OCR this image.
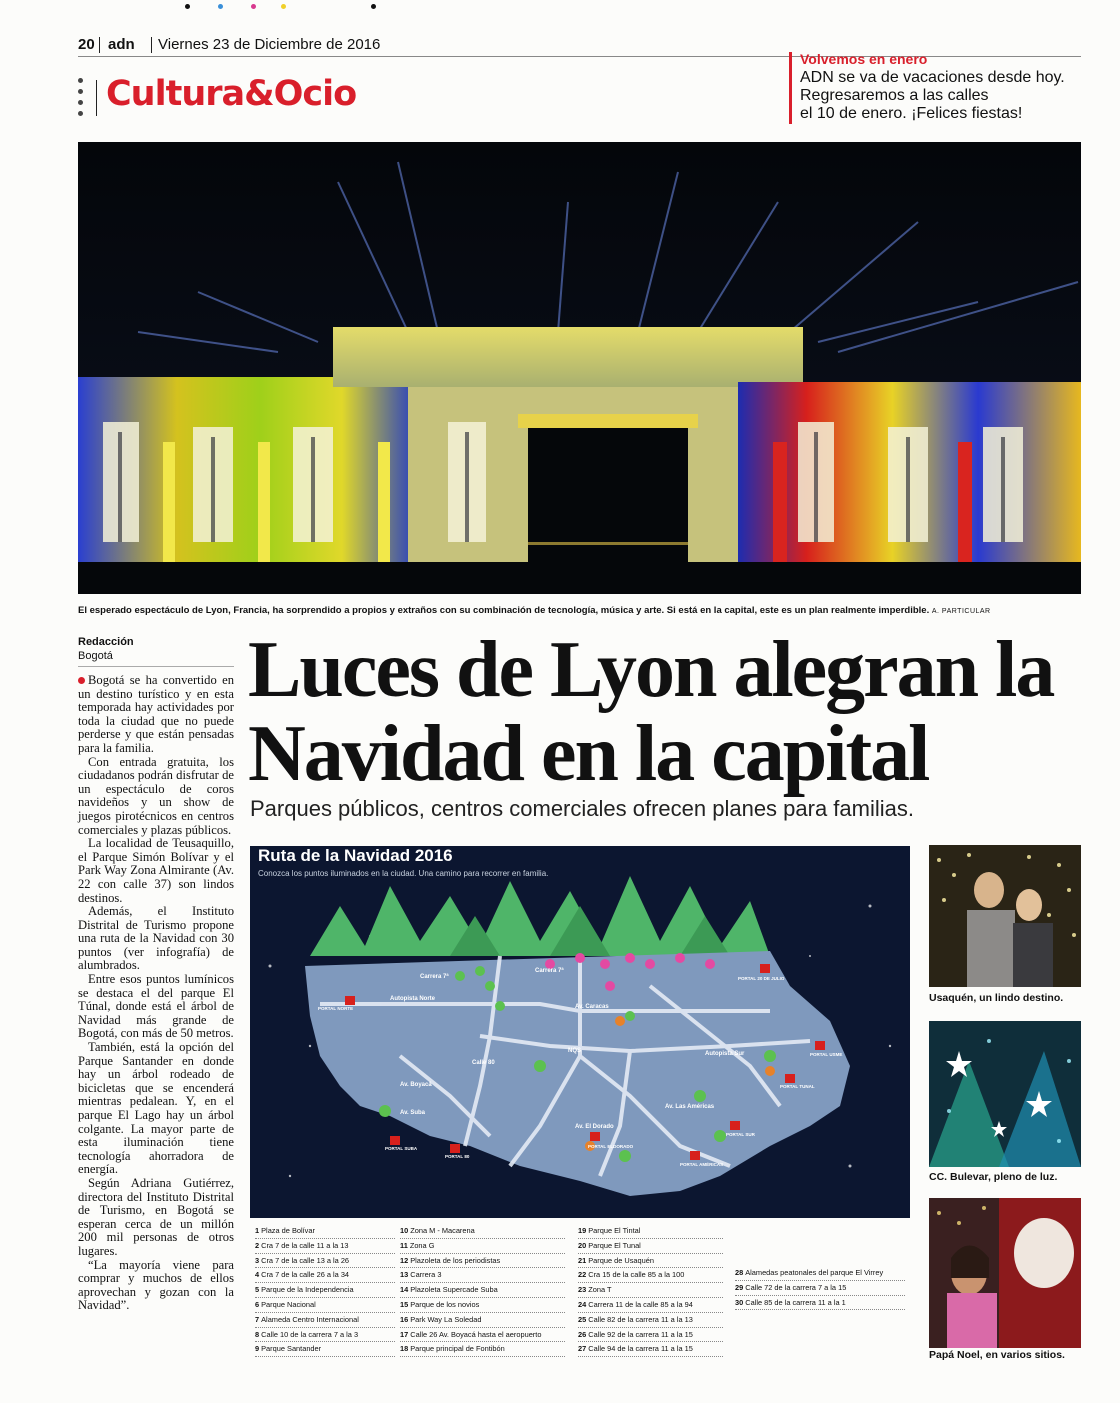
20 adn Viernes 23 de Diciembre de 2016
Cultura&Ocio
Volvemos en enero
ADN se va de vacaciones desde hoy.
Regresaremos a las calles
el 10 de enero. ¡Felices fiestas!
El esperado espectáculo de Lyon, Francia, ha sorprendido a propios y extraños con su combinación de tecnología, música y arte. Si está en la capital, este es un plan realmente imperdible. A. PARTICULAR
Redacción
Bogotá

Bogotá se ha convertido en un destino turístico y en esta temporada hay actividades por toda la ciudad que no puede perderse y que están pensadas para la familia.

Con entrada gratuita, los ciudadanos podrán disfrutar de un espectáculo de coros navideños y un show de juegos pirotécnicos en centros comerciales y plazas públicos.

La localidad de Teusaquillo, el Parque Simón Bolívar y el Park Way Zona Almirante (Av. 22 con calle 37) son lindos destinos.

Además, el Instituto Distrital de Turismo propone una ruta de la Navidad con 30 puntos (ver infografía) de alumbrados.

Entre esos puntos lumínicos se destaca el del parque El Túnal, donde está el árbol de Navidad más grande de Bogotá, con más de 50 metros.

También, está la opción del Parque Santander en donde hay un árbol rodeado de bicicletas que se encenderá mientras pedalean. Y, en el parque El Lago hay un árbol colgante. La mayor parte de esta iluminación tiene tecnología ahorradora de energía.

Según Adriana Gutiérrez, directora del Instituto Distrital de Turismo, en Bogotá se esperan cerca de un millón 200 mil personas de otros lugares.

“La mayoría viene para comprar y muchos de ellos aprovechan y gozan con la Navidad”.

Luces de Lyon alegran la Navidad en la capital
Parques públicos, centros comerciales ofrecen planes para familias.
Ruta de la Navidad 2016
Conozca los puntos iluminados en la ciudad. Una camino para recorrer en familia.
Carrera 7ª
Carrera 7ª
Autopista Norte
Av. Caracas
NQS	Autopista Sur
Av. Boyacá
Calle 80
Av. Las Américas
Av. El Dorado
Av. Suba
PORTAL NORTE
PORTAL 20 DE JULIO
PORTAL USME
PORTAL TUNAL
PORTAL SUR
PORTAL AMÉRICAS
PORTAL 80
PORTAL SUBA	PORTAL ELDORADO
1 Plaza de Bolívar
2 Cra 7 de la calle 11 a la 13
3 Cra 7 de la calle 13 a la 26
4 Cra 7 de la calle 26 a la 34
5 Parque de la Independencia
6 Parque Nacional
7 Alameda Centro Internacional
8 Calle 10 de la carrera 7 a la 3
9 Parque Santander
10 Zona M - Macarena
11 Zona G
12 Plazoleta de los periodistas
13 Carrera 3
14 Plazoleta Supercade Suba
15 Parque de los novios
16 Park Way La Soledad
17 Calle 26 Av. Boyacá hasta el aeropuerto
18 Parque principal de Fontibón
19 Parque El Tintal
20 Parque El Tunal
21 Parque de Usaquén
22 Cra 15 de la calle 85 a la 100
23 Zona T
24 Carrera 11 de la calle 85 a la 94
25 Calle 82 de la carrera 11 a la 13
26 Calle 92 de la carrera 11 a la 15
27 Calle 94 de la carrera 11 a la 15
28 Alamedas peatonales del parque El Virrey
29 Calle 72 de la carrera 7 a la 15
30 Calle 85 de la carrera 11 a la 1
Usaquén, un lindo destino.
CC. Bulevar, pleno de luz.
Papá Noel, en varios sitios.
